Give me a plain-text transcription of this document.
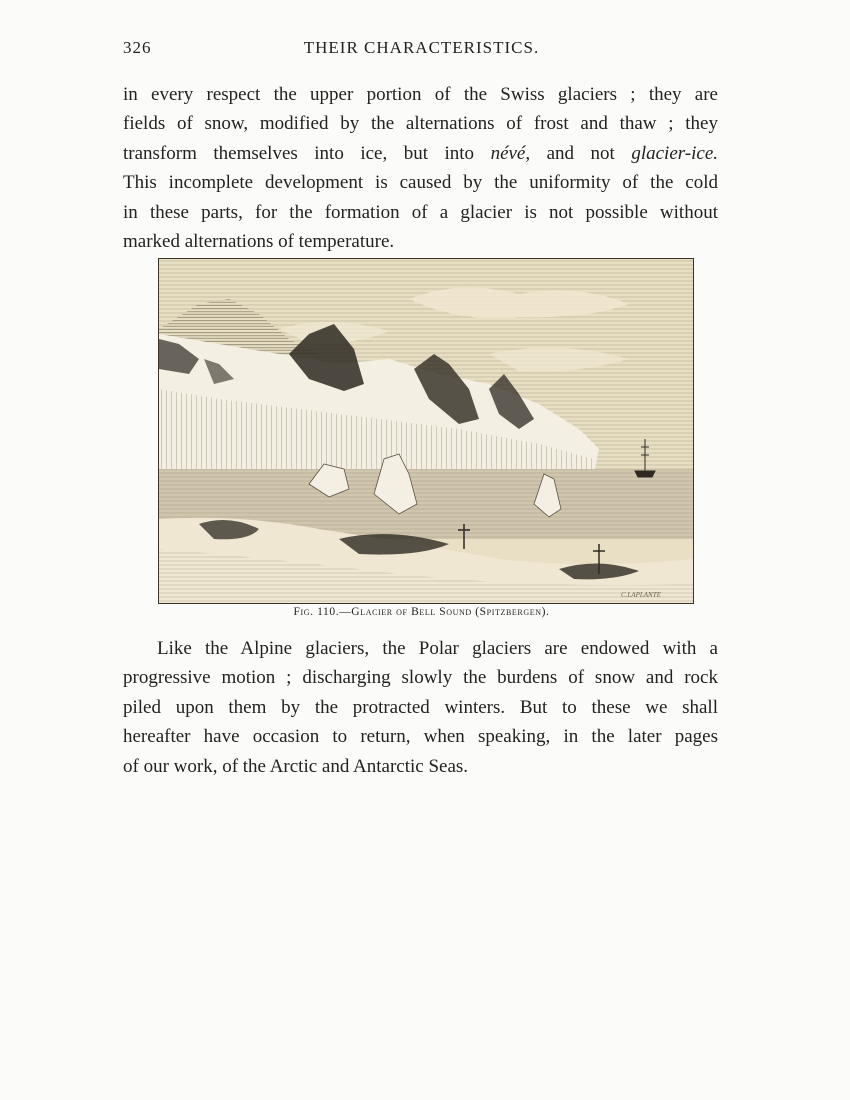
326	THEIR CHARACTERISTICS.

in every respect the upper portion of the Swiss glaciers ; they are
fields of snow, modified by the alternations of frost and thaw ; they
transform themselves into ice, but into névé, and not glacier-ice.
This incomplete development is caused by the uniformity of the cold
in these parts, for the formation of a glacier is not possible without
marked alternations of temperature.

C.LAPLANTE
Fig. 110.—Glacier of Bell Sound (Spitzbergen).

Like the Alpine glaciers, the Polar glaciers are endowed with a
progressive motion ; discharging slowly the burdens of snow and rock
piled upon them by the protracted winters. But to these we shall
hereafter have occasion to return, when speaking, in the later pages
of our work, of the Arctic and Antarctic Seas.
